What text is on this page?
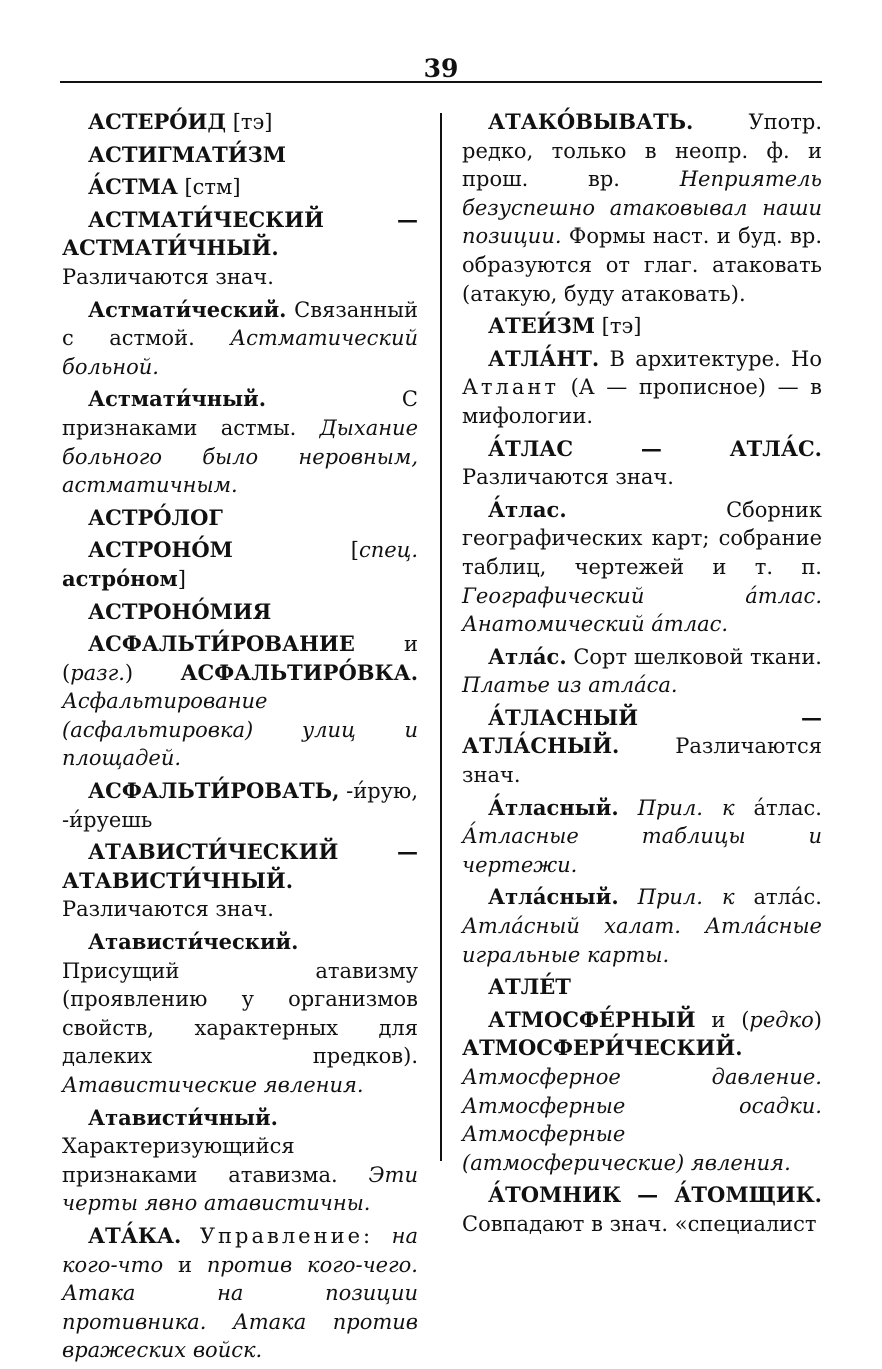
39

АСТЕРО́ИД [тэ]

АСТИГМАТИ́ЗМ

А́СТМА [стм]

АСТМАТИ́ЧЕСКИЙ — АСТМАТИ́ЧНЫЙ. Различаются знач.

Астмати́ческий. Связанный с астмой. Астматический больной.

Астмати́чный. С признаками астмы. Дыхание больного было неровным, астматичным.

АСТРО́ЛОГ

АСТРОНО́М [спец. астро́ном]

АСТРОНО́МИЯ

АСФАЛЬТИ́РОВАНИЕ и (разг.) АСФАЛЬТИРО́ВКА. Асфальтирование (асфальтировка) улиц и площадей.

АСФАЛЬТИ́РОВАТЬ, -и́рую, -и́руешь

АТАВИСТИ́ЧЕСКИЙ — АТАВИСТИ́ЧНЫЙ. Различаются знач.

Атависти́ческий. Присущий атавизму (проявлению у организмов свойств, характерных для далеких предков). Атавистические явления.

Атависти́чный. Характеризующийся признаками атавизма. Эти черты явно атавистичны.

АТА́КА. Управление: на кого-что и против кого-чего. Атака на позиции противника. Атака против вражеских войск.

АТАКО́ВЫВАТЬ. Употр. редко, только в неопр. ф. и прош. вр. Неприятель безуспешно атаковывал наши позиции. Формы наст. и буд. вр. образуются от глаг. атаковать (атакую, буду атаковать).

АТЕИ́ЗМ [тэ]

АТЛА́НТ. В архитектуре. Но Атлант (А — прописное) — в мифологии.

А́ТЛАС — АТЛА́С. Различаются знач.

А́тлас. Сборник географических карт; собрание таблиц, чертежей и т. п. Географический а́тлас. Анатомический а́тлас.

Атла́с. Сорт шелковой ткани. Платье из атла́са.

А́ТЛАСНЫЙ — АТЛА́СНЫЙ. Различаются знач.

А́тласный. Прил. к а́тлас. А́тласные таблицы и чертежи.

Атла́сный. Прил. к атла́с. Атла́сный халат. Атла́сные игральные карты.

АТЛЕ́Т

АТМОСФЕ́РНЫЙ и (редко) АТМОСФЕРИ́ЧЕСКИЙ. Атмосферное давление. Атмосферные осадки. Атмосферные (атмосферические) явления.

А́ТОМНИК — А́ТОМЩИК. Совпадают в знач. «специалист
